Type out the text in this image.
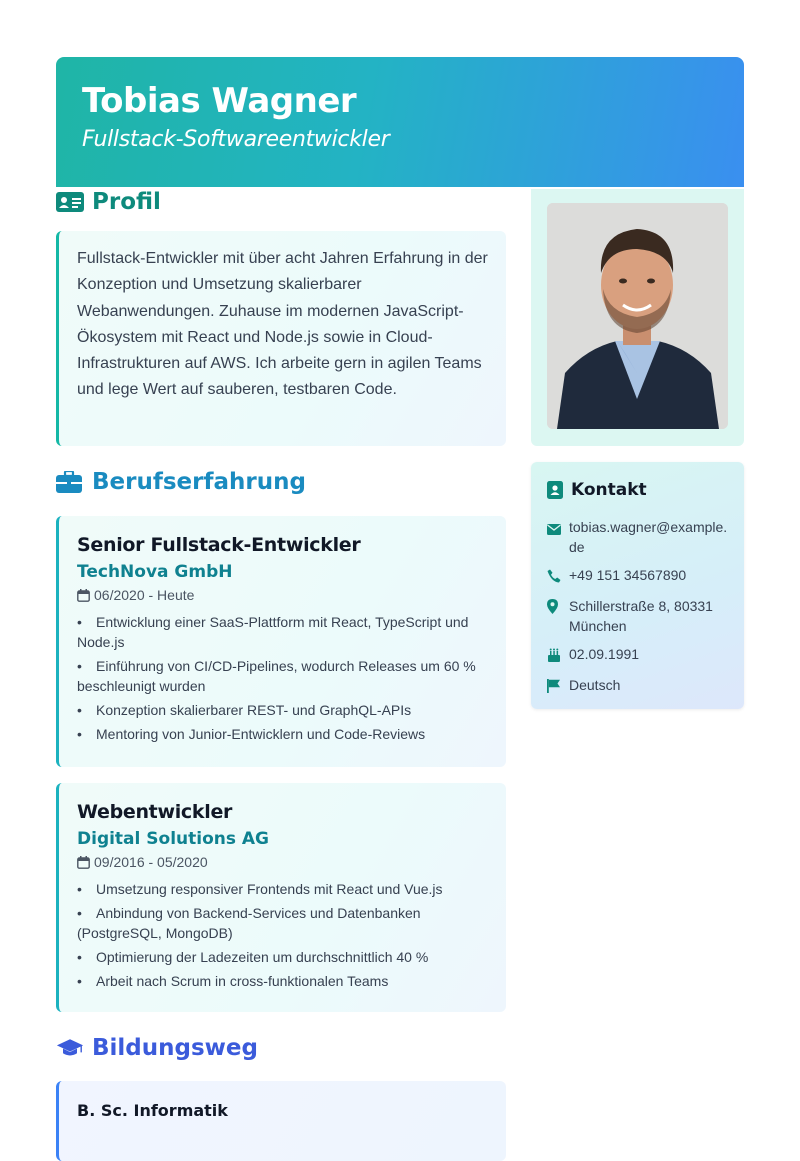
Tobias Wagner
Fullstack-Softwareentwickler
Profil

Fullstack-Entwickler mit über acht Jahren Erfahrung in der Konzeption und Umsetzung skalierbarer Webanwendungen. Zuhause im modernen JavaScript-Ökosystem mit React und Node.js sowie in Cloud-Infrastrukturen auf AWS. Ich arbeite gern in agilen Teams und lege Wert auf sauberen, testbaren Code.

Berufserfahrung
Senior Fullstack-Entwickler
TechNova GmbH
06/2020 - Heute
• Entwicklung einer SaaS-Plattform mit React, TypeScript und Node.js
• Einführung von CI/CD-Pipelines, wodurch Releases um 60 % beschleunigt wurden
• Konzeption skalierbarer REST- und GraphQL-APIs
• Mentoring von Junior-Entwicklern und Code-Reviews
Webentwickler
Digital Solutions AG
09/2016 - 05/2020
• Umsetzung responsiver Frontends mit React und Vue.js
• Anbindung von Backend-Services und Datenbanken (PostgreSQL, MongoDB)
• Optimierung der Ladezeiten um durchschnittlich 40 %
• Arbeit nach Scrum in cross-funktionalen Teams
Bildungsweg
B. Sc. Informatik
Kontakt
tobias.wagner@example.de
+49 151 34567890
Schillerstraße 8, 80331 München
02.09.1991
Deutsch
